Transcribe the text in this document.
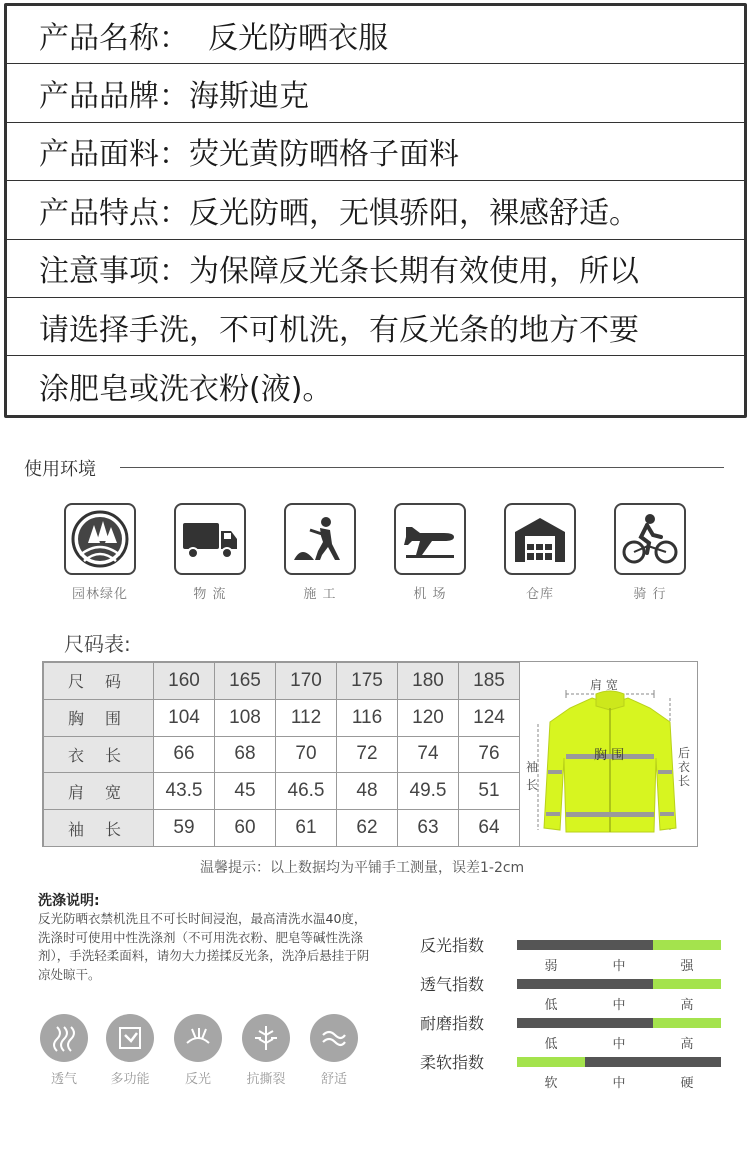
产品名称： 反光防晒衣服
产品品牌： 海斯迪克
产品面料： 荧光黄防晒格子面料
产品特点： 反光防晒，无惧骄阳，裸感舒适。
注意事项： 为保障反光条长期有效使用，所以
请选择手洗，不可机洗，有反光条的地方不要
涂肥皂或洗衣粉(液)。
使用环境
园林绿化	物 流	施 工	机 场	仓库	骑 行
尺码表:
尺 码	160	165	170	175	180	185
胸 围	104	108	112	116	120	124
衣 长	66	68	70	72	74	76
肩 宽	43.5	45	46.5	48	49.5	51
袖 长	59	60	61	62	63	64
肩 宽
胸 围
袖
长
后
衣
长
温馨提示：以上数据均为平铺手工测量，误差1-2cm
洗涤说明:
反光防晒衣禁机洗且不可长时间浸泡，最高清洗水温40度，洗涤时可使用中性洗涤剂（不可用洗衣粉、肥皂等碱性洗涤剂），手洗轻柔面料，请勿大力搓揉反光条，洗净后悬挂于阴凉处晾干。
透气	多功能	反光	抗撕裂	舒适
反光指数
弱	中	强
透气指数
低	中	高
耐磨指数
低	中	高
柔软指数
软	中	硬
